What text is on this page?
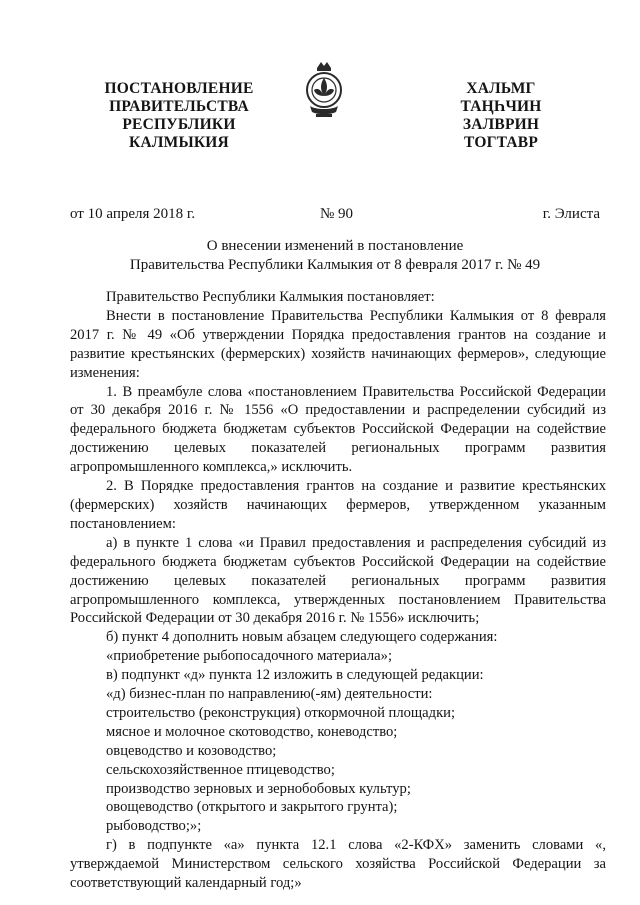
ПОСТАНОВЛЕНИЕ
ПРАВИТЕЛЬСТВА
РЕСПУБЛИКИ
КАЛМЫКИЯ
ХАЛЬМГ
ТАҢҺЧИН
ЗАЛВРИН
ТОГТАВР
от 10 апреля 2018 г.	№ 90	г. Элиста
О внесении изменений в постановление
Правительства Республики Калмыкия от 8 февраля 2017 г. № 49

Правительство Республики Калмыкия постановляет:

Внести в постановление Правительства Республики Калмыкия от 8 февраля 2017 г. № 49 «Об утверждении Порядка предоставления грантов на создание и развитие крестьянских (фермерских) хозяйств начинающих фермеров», следующие изменения:

1. В преамбуле слова «постановлением Правительства Российской Федерации от 30 декабря 2016 г. № 1556 «О предоставлении и распределении субсидий из федерального бюджета бюджетам субъектов Российской Федерации на содействие достижению целевых показателей региональных программ развития агропромышленного комплекса,» исключить.

2. В Порядке предоставления грантов на создание и развитие крестьянских (фермерских) хозяйств начинающих фермеров, утвержденном указанным постановлением:

а) в пункте 1 слова «и Правил предоставления и распределения субсидий из федерального бюджета бюджетам субъектов Российской Федерации на содействие достижению целевых показателей региональных программ развития агропромышленного комплекса, утвержденных постановлением Правительства Российской Федерации от 30 декабря 2016 г. № 1556» исключить;

б) пункт 4 дополнить новым абзацем следующего содержания:

«приобретение рыбопосадочного материала»;

в) подпункт «д» пункта 12 изложить в следующей редакции:

«д) бизнес-план по направлению(-ям) деятельности:

строительство (реконструкция) откормочной площадки;

мясное и молочное скотоводство, коневодство;

овцеводство и козоводство;

сельскохозяйственное птицеводство;

производство зерновых и зернобобовых культур;

овощеводство (открытого и закрытого грунта);

рыбоводство;»;

г) в подпункте «а» пункта 12.1 слова «2-КФХ» заменить словами «, утверждаемой Министерством сельского хозяйства Российской Федерации за соответствующий календарный год;»
